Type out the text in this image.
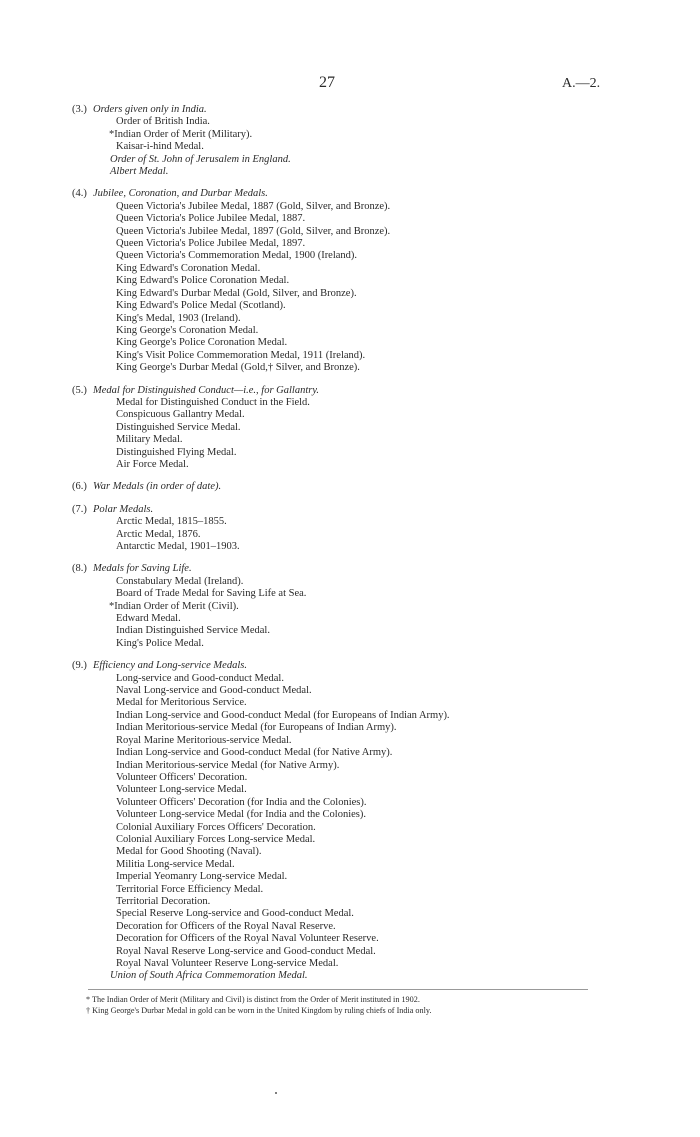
27	A.—2.
(3.) Orders given only in India.
Order of British India.
*Indian Order of Merit (Military).
Kaisar-i-hind Medal.
Order of St. John of Jerusalem in England.
Albert Medal.
(4.) Jubilee, Coronation, and Durbar Medals.
Queen Victoria's Jubilee Medal, 1887 (Gold, Silver, and Bronze).
Queen Victoria's Police Jubilee Medal, 1887.
Queen Victoria's Jubilee Medal, 1897 (Gold, Silver, and Bronze).
Queen Victoria's Police Jubilee Medal, 1897.
Queen Victoria's Commemoration Medal, 1900 (Ireland).
King Edward's Coronation Medal.
King Edward's Police Coronation Medal.
King Edward's Durbar Medal (Gold, Silver, and Bronze).
King Edward's Police Medal (Scotland).
King's Medal, 1903 (Ireland).
King George's Coronation Medal.
King George's Police Coronation Medal.
King's Visit Police Commemoration Medal, 1911 (Ireland).
King George's Durbar Medal (Gold,† Silver, and Bronze).
(5.) Medal for Distinguished Conduct—i.e., for Gallantry.
Medal for Distinguished Conduct in the Field.
Conspicuous Gallantry Medal.
Distinguished Service Medal.
Military Medal.
Distinguished Flying Medal.
Air Force Medal.
(6.) War Medals (in order of date).
(7.) Polar Medals.
Arctic Medal, 1815–1855.
Arctic Medal, 1876.
Antarctic Medal, 1901–1903.
(8.) Medals for Saving Life.
Constabulary Medal (Ireland).
Board of Trade Medal for Saving Life at Sea.
*Indian Order of Merit (Civil).
Edward Medal.
Indian Distinguished Service Medal.
King's Police Medal.
(9.) Efficiency and Long-service Medals.
Long-service and Good-conduct Medal.
Naval Long-service and Good-conduct Medal.
Medal for Meritorious Service.
Indian Long-service and Good-conduct Medal (for Europeans of Indian Army).
Indian Meritorious-service Medal (for Europeans of Indian Army).
Royal Marine Meritorious-service Medal.
Indian Long-service and Good-conduct Medal (for Native Army).
Indian Meritorious-service Medal (for Native Army).
Volunteer Officers' Decoration.
Volunteer Long-service Medal.
Volunteer Officers' Decoration (for India and the Colonies).
Volunteer Long-service Medal (for India and the Colonies).
Colonial Auxiliary Forces Officers' Decoration.
Colonial Auxiliary Forces Long-service Medal.
Medal for Good Shooting (Naval).
Militia Long-service Medal.
Imperial Yeomanry Long-service Medal.
Territorial Force Efficiency Medal.
Territorial Decoration.
Special Reserve Long-service and Good-conduct Medal.
Decoration for Officers of the Royal Naval Reserve.
Decoration for Officers of the Royal Naval Volunteer Reserve.
Royal Naval Reserve Long-service and Good-conduct Medal.
Royal Naval Volunteer Reserve Long-service Medal.
Union of South Africa Commemoration Medal.
* The Indian Order of Merit (Military and Civil) is distinct from the Order of Merit instituted in 1902.
† King George's Durbar Medal in gold can be worn in the United Kingdom by ruling chiefs of India only.
